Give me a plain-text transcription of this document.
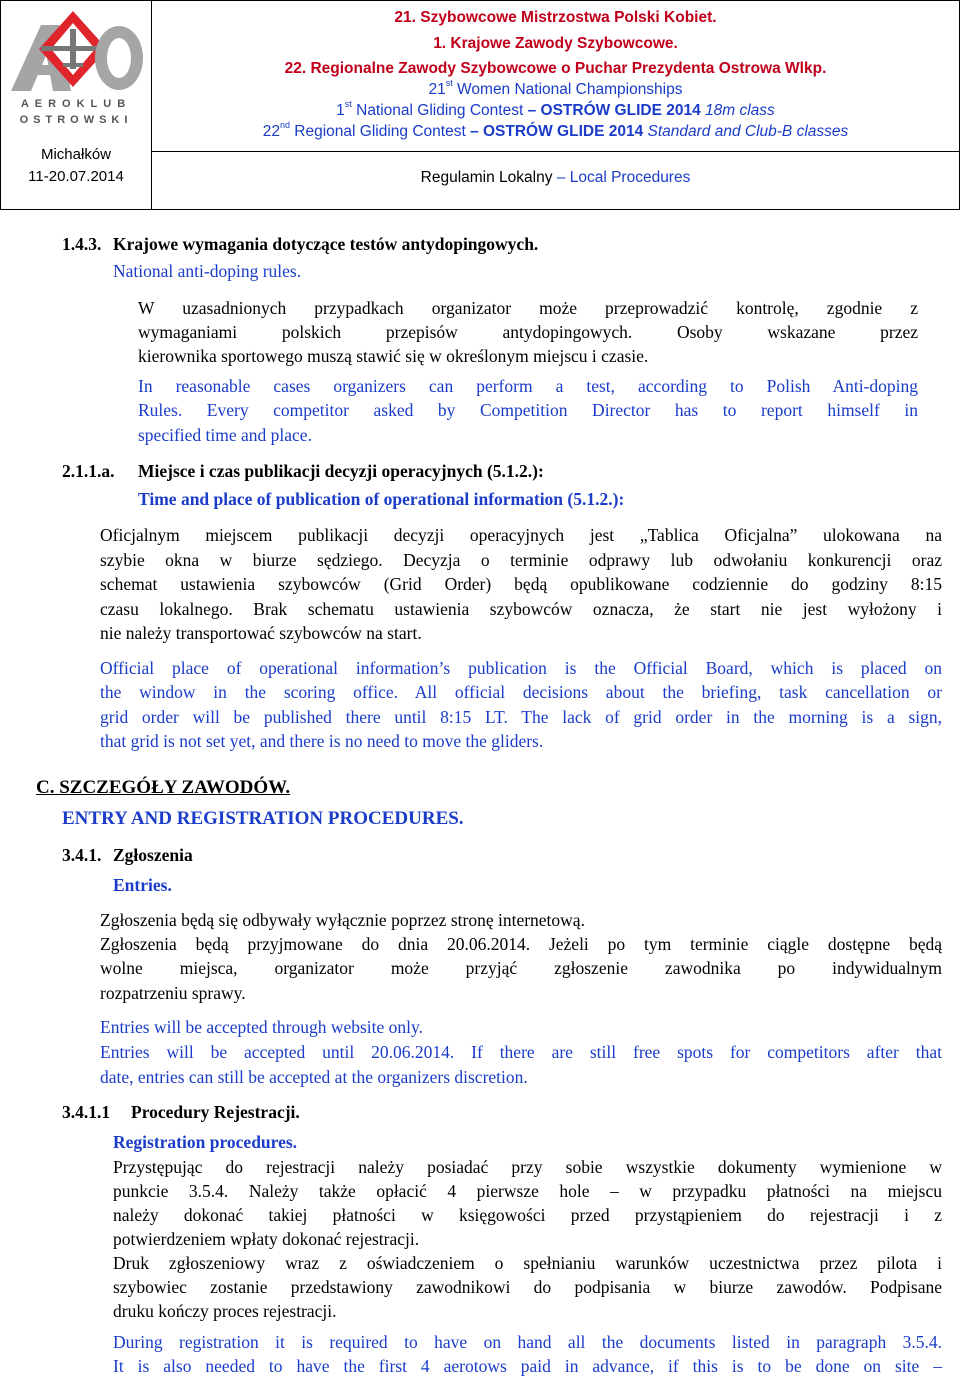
AEROKLUB
OSTROWSKI
Michałków
11-20.07.2014
21. Szybowcowe Mistrzostwa Polski Kobiet.
1. Krajowe Zawody Szybowcowe.
22. Regionalne Zawody Szybowcowe o Puchar Prezydenta Ostrowa Wlkp.
21st Women National Championships
1st National Gliding Contest – OSTRÓW GLIDE 2014 18m class
22nd Regional Gliding Contest – OSTRÓW GLIDE 2014 Standard and Club-B classes
Regulamin Lokalny – Local Procedures
1.4.3. Krajowe wymagania dotyczące testów antydopingowych.
National anti-doping rules.
W uzasadnionych przypadkach organizator może przeprowadzić kontrolę, zgodnie z
wymaganiami polskich przepisów antydopingowych. Osoby wskazane przez
kierownika sportowego muszą stawić się w określonym miejscu i czasie.
In reasonable cases organizers can perform a test, according to Polish Anti-doping
Rules. Every competitor asked by Competition Director has to report himself in
specified time and place.
2.1.1.a. Miejsce i czas publikacji decyzji operacyjnych (5.1.2.):
Time and place of publication of operational information (5.1.2.):
Oficjalnym miejscem publikacji decyzji operacyjnych jest „Tablica Oficjalna” ulokowana na
szybie okna w biurze sędziego. Decyzja o terminie odprawy lub odwołaniu konkurencji oraz
schemat ustawienia szybowców (Grid Order) będą opublikowane codziennie do godziny 8:15
czasu lokalnego. Brak schematu ustawienia szybowców oznacza, że start nie jest wyłożony i
nie należy transportować szybowców na start.
Official place of operational information’s publication is the Official Board, which is placed on
the window in the scoring office. All official decisions about the briefing, task cancellation or
grid order will be published there until 8:15 LT. The lack of grid order in the morning is a sign,
that grid is not set yet, and there is no need to move the gliders.
C. SZCZEGÓŁY ZAWODÓW.
ENTRY AND REGISTRATION PROCEDURES.
3.4.1. Zgłoszenia
Entries.
Zgłoszenia będą się odbywały wyłącznie poprzez stronę internetową.
Zgłoszenia będą przyjmowane do dnia 20.06.2014. Jeżeli po tym terminie ciągle dostępne będą
wolne miejsca, organizator może przyjąć zgłoszenie zawodnika po indywidualnym
rozpatrzeniu sprawy.
Entries will be accepted through website only.
Entries will be accepted until 20.06.2014. If there are still free spots for competitors after that
date, entries can still be accepted at the organizers discretion.
3.4.1.1 Procedury Rejestracji.
Registration procedures.
Przystępując do rejestracji należy posiadać przy sobie wszystkie dokumenty wymienione w
punkcie 3.5.4. Należy także opłacić 4 pierwsze hole – w przypadku płatności na miejscu
należy dokonać takiej płatności w księgowości przed przystąpieniem do rejestracji i z
potwierdzeniem wpłaty dokonać rejestracji.
Druk zgłoszeniowy wraz z oświadczeniem o spełnianiu warunków uczestnictwa przez pilota i
szybowiec zostanie przedstawiony zawodnikowi do podpisania w biurze zawodów. Podpisane
druku kończy proces rejestracji.
During registration it is required to have on hand all the documents listed in paragraph 3.5.4.
It is also needed to have the first 4 aerotows paid in advance, if this is to be done on site –
